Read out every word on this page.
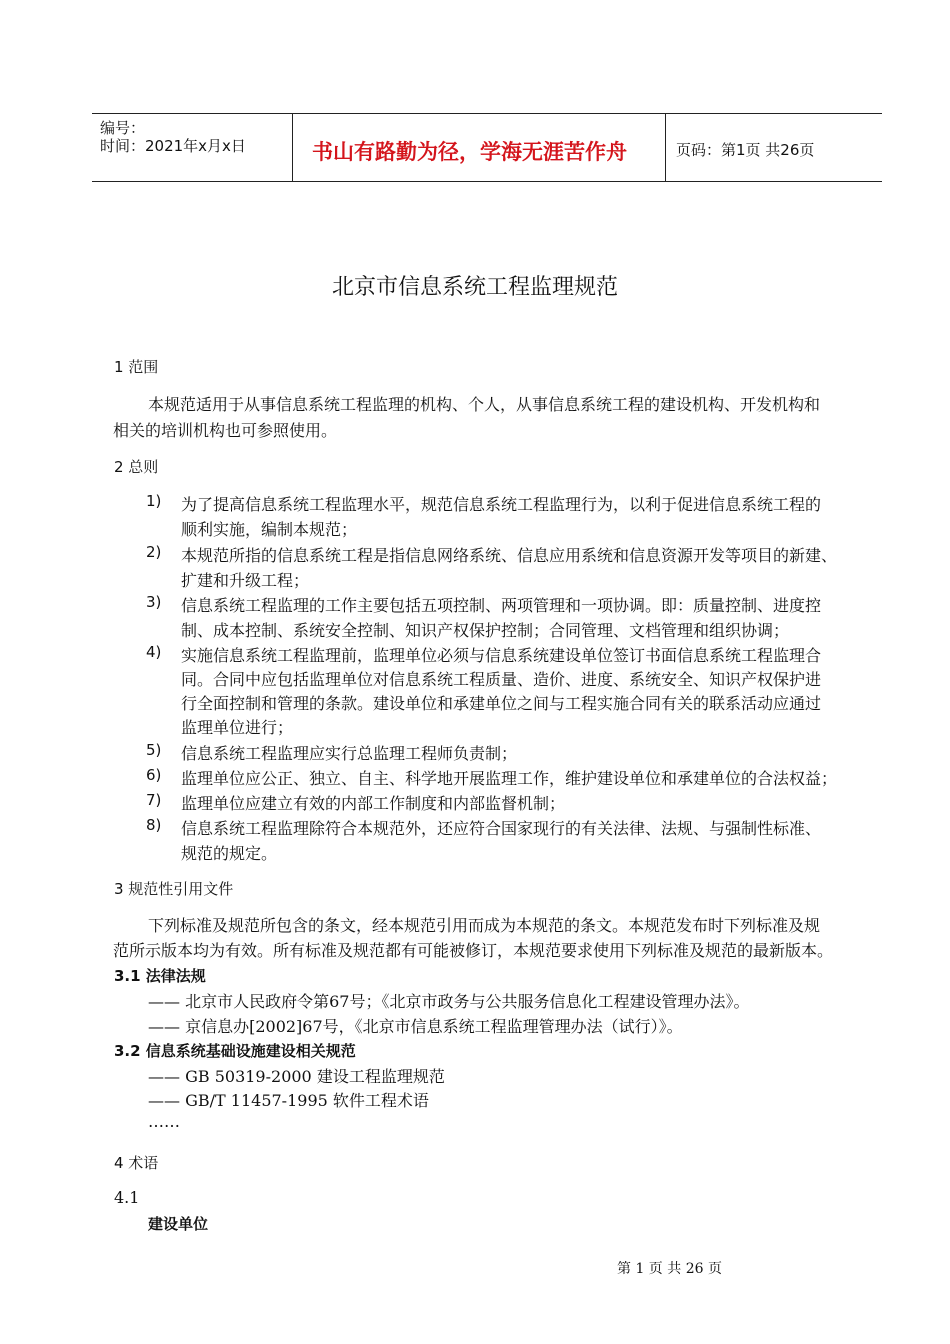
编号：
时间：2021年x月x日	书山有路勤为径，学海无涯苦作舟	页码：第1页 共26页
北京市信息系统工程监理规范
1 范围
本规范适用于从事信息系统工程监理的机构、个人，从事信息系统工程的建设机构、开发机构和
相关的培训机构也可参照使用。
2 总则
1) 为了提高信息系统工程监理水平，规范信息系统工程监理行为，以利于促进信息系统工程的
顺利实施，编制本规范；
2) 本规范所指的信息系统工程是指信息网络系统、信息应用系统和信息资源开发等项目的新建、
扩建和升级工程；
3) 信息系统工程监理的工作主要包括五项控制、两项管理和一项协调。即：质量控制、进度控
制、成本控制、系统安全控制、知识产权保护控制；合同管理、文档管理和组织协调；
4) 实施信息系统工程监理前，监理单位必须与信息系统建设单位签订书面信息系统工程监理合
同。合同中应包括监理单位对信息系统工程质量、造价、进度、系统安全、知识产权保护进
行全面控制和管理的条款。建设单位和承建单位之间与工程实施合同有关的联系活动应通过
监理单位进行；
5) 信息系统工程监理应实行总监理工程师负责制；
6) 监理单位应公正、独立、自主、科学地开展监理工作，维护建设单位和承建单位的合法权益；
7) 监理单位应建立有效的内部工作制度和内部监督机制；
8) 信息系统工程监理除符合本规范外，还应符合国家现行的有关法律、法规、与强制性标准、
规范的规定。
3 规范性引用文件
下列标准及规范所包含的条文，经本规范引用而成为本规范的条文。本规范发布时下列标准及规
范所示版本均为有效。所有标准及规范都有可能被修订，本规范要求使用下列标准及规范的最新版本。
3.1 法律法规
—— 北京市人民政府令第67号；《北京市政务与公共服务信息化工程建设管理办法》。
—— 京信息办[2002]67号，《北京市信息系统工程监理管理办法（试行）》。
3.2 信息系统基础设施建设相关规范
—— GB 50319-2000 建设工程监理规范
—— GB/T 11457-1995 软件工程术语
……
4 术语
4.1
建设单位
第 1 页 共 26 页
